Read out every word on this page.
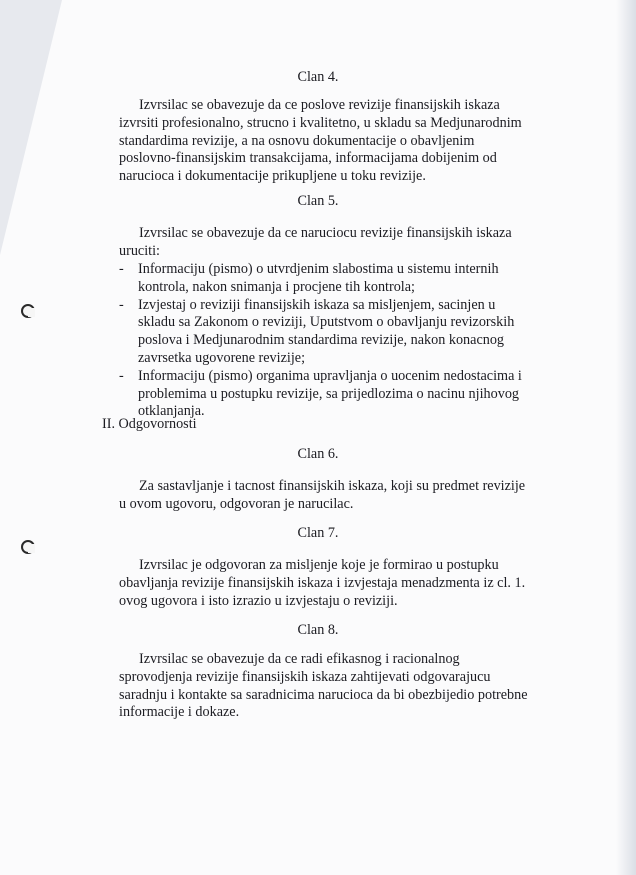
Clan 4.
Izvrsilac se obavezuje da ce poslove revizije finansijskih iskaza izvrsiti profesionalno, strucno i kvalitetno, u skladu sa Medjunarodnim standardima revizije, a na osnovu dokumentacije o obavljenim poslovno-finansijskim transakcijama, informacijama dobijenim od narucioca i dokumentacije prikupljene u toku revizije.
Clan 5.
Izvrsilac se obavezuje da ce naruciocu revizije finansijskih iskaza uruciti:
- Informaciju (pismo) o utvrdjenim slabostima u sistemu internih kontrola, nakon snimanja i procjene tih kontrola;
- Izvjestaj o reviziji finansijskih iskaza sa misljenjem, sacinjen u skladu sa Zakonom o reviziji, Uputstvom o obavljanju revizorskih poslova i Medjunarodnim standardima revizije, nakon konacnog zavrsetka ugovorene revizije;
- Informaciju (pismo) organima upravljanja o uocenim nedostacima i problemima u postupku revizije, sa prijedlozima o nacinu njihovog otklanjanja.
II. Odgovornosti
Clan 6.
Za sastavljanje i tacnost finansijskih iskaza, koji su predmet revizije u ovom ugovoru, odgovoran je narucilac.
Clan 7.
Izvrsilac je odgovoran za misljenje koje je formirao u postupku obavljanja revizije finansijskih iskaza i izvjestaja menadzmenta iz cl. 1. ovog ugovora i isto izrazio u izvjestaju o reviziji.
Clan 8.
Izvrsilac se obavezuje da ce radi efikasnog i racionalnog sprovodjenja revizije finansijskih iskaza zahtijevati odgovarajucu saradnju i kontakte sa saradnicima narucioca da bi obezbijedio potrebne informacije i dokaze.
